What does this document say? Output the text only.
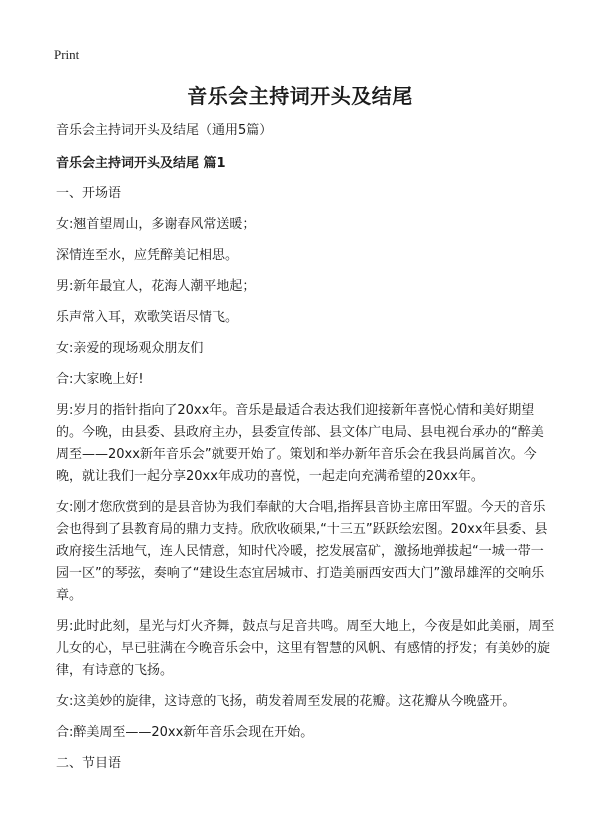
Print
音乐会主持词开头及结尾

音乐会主持词开头及结尾（通用5篇）

音乐会主持词开头及结尾 篇1

一、开场语

女:翘首望周山，多谢春风常送暖；

深情连至水，应凭醉美记相思。

男:新年最宜人，花海人潮平地起；

乐声常入耳，欢歌笑语尽情飞。

女:亲爱的现场观众朋友们

合:大家晚上好!

男:岁月的指针指向了20xx年。音乐是最适合表达我们迎接新年喜悦心情和美好期望的。今晚，由县委、县政府主办，县委宣传部、县文体广电局、县电视台承办的“醉美周至——20xx新年音乐会”就要开始了。策划和举办新年音乐会在我县尚属首次。今晚，就让我们一起分享20xx年成功的喜悦，一起走向充满希望的20xx年。

女:刚才您欣赏到的是县音协为我们奉献的大合唱,指挥县音协主席田军盟。今天的音乐会也得到了县教育局的鼎力支持。欣欣收硕果,“十三五”跃跃绘宏图。20xx年县委、县政府接生活地气，连人民情意，知时代冷暖，挖发展富矿，激扬地弹拔起“一城一带一园一区”的琴弦，奏响了“建设生态宜居城市、打造美丽西安西大门”激昂雄浑的交响乐章。

男:此时此刻，星光与灯火齐舞，鼓点与足音共鸣。周至大地上，今夜是如此美丽，周至儿女的心，早已驻满在今晚音乐会中，这里有智慧的风帆、有感情的抒发；有美妙的旋律，有诗意的飞扬。

女:这美妙的旋律，这诗意的飞扬，萌发着周至发展的花瓣。这花瓣从今晚盛开。

合:醉美周至——20xx新年音乐会现在开始。

二、节目语
